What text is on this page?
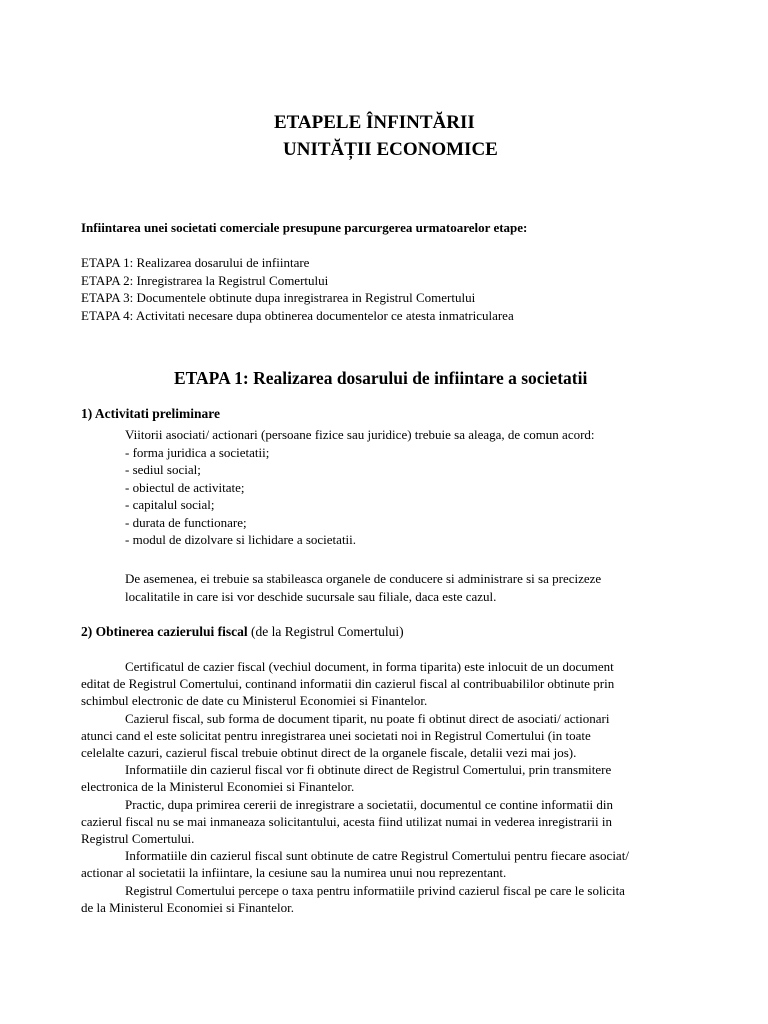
ETAPELE ÎNFINTĂRII
UNITĂȚII ECONOMICE
Infiintarea unei societati comerciale presupune parcurgerea urmatoarelor etape:
ETAPA 1: Realizarea dosarului de infiintare
ETAPA 2: Inregistrarea la Registrul Comertului
ETAPA 3: Documentele obtinute dupa inregistrarea in Registrul Comertului
ETAPA 4: Activitati necesare dupa obtinerea documentelor ce atesta inmatricularea
ETAPA 1: Realizarea dosarului de infiintare a societatii
1) Activitati preliminare
Viitorii asociati/ actionari (persoane fizice sau juridice) trebuie sa aleaga, de comun acord:
- forma juridica a societatii;
- sediul social;
- obiectul de activitate;
- capitalul social;
- durata de functionare;
- modul de dizolvare si lichidare a societatii.
De asemenea, ei trebuie sa stabileasca organele de conducere si administrare si sa precizeze
localitatile in care isi vor deschide sucursale sau filiale, daca este cazul.
2) Obtinerea cazierului fiscal (de la Registrul Comertului)
Certificatul de cazier fiscal (vechiul document, in forma tiparita) este inlocuit de un document
editat de Registrul Comertului, continand informatii din cazierul fiscal al contribuabililor obtinute prin
schimbul electronic de date cu Ministerul Economiei si Finantelor.
Cazierul fiscal, sub forma de document tiparit, nu poate fi obtinut direct de asociati/ actionari
atunci cand el este solicitat pentru inregistrarea unei societati noi in Registrul Comertului (in toate
celelalte cazuri, cazierul fiscal trebuie obtinut direct de la organele fiscale, detalii vezi mai jos).
Informatiile din cazierul fiscal vor fi obtinute direct de Registrul Comertului, prin transmitere
electronica de la Ministerul Economiei si Finantelor.
Practic, dupa primirea cererii de inregistrare a societatii, documentul ce contine informatii din
cazierul fiscal nu se mai inmaneaza solicitantului, acesta fiind utilizat numai in vederea inregistrarii in
Registrul Comertului.
Informatiile din cazierul fiscal sunt obtinute de catre Registrul Comertului pentru fiecare asociat/
actionar al societatii la infiintare, la cesiune sau la numirea unui nou reprezentant.
Registrul Comertului percepe o taxa pentru informatiile privind cazierul fiscal pe care le solicita
de la Ministerul Economiei si Finantelor.
